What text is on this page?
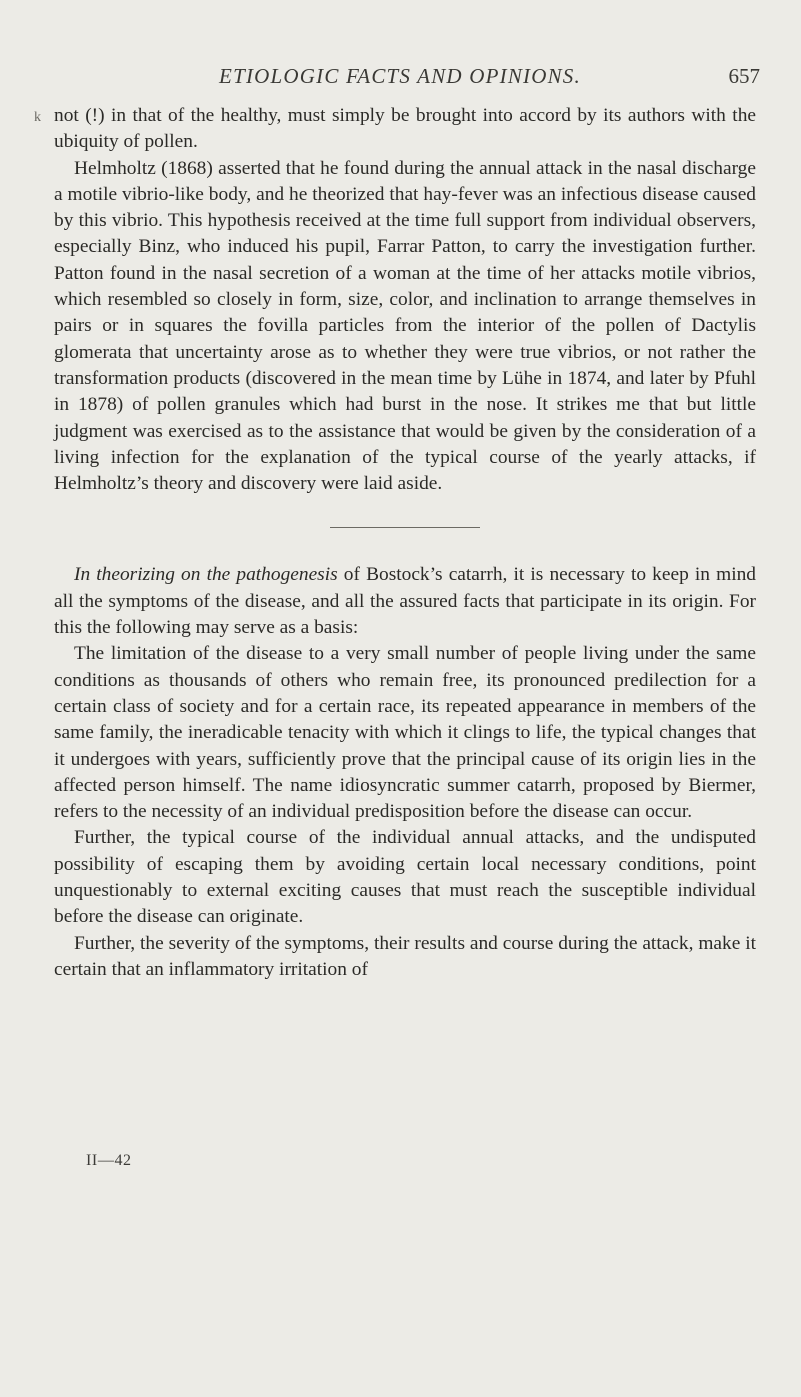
ETIOLOGIC FACTS AND OPINIONS.	657
k not (!) in that of the healthy, must simply be brought into accord by its authors with the ubiquity of pollen.

Helmholtz (1868) asserted that he found during the annual attack in the nasal discharge a motile vibrio-like body, and he theorized that hay-fever was an infectious disease caused by this vibrio. This hypothesis received at the time full support from individual observers, especially Binz, who induced his pupil, Farrar Patton, to carry the investigation further. Patton found in the nasal secretion of a woman at the time of her attacks motile vibrios, which resembled so closely in form, size, color, and inclination to arrange themselves in pairs or in squares the fovilla particles from the interior of the pollen of Dactylis glomerata that uncertainty arose as to whether they were true vibrios, or not rather the transformation products (discovered in the mean time by Lühe in 1874, and later by Pfuhl in 1878) of pollen granules which had burst in the nose. It strikes me that but little judgment was exercised as to the assistance that would be given by the consideration of a living infection for the explanation of the typical course of the yearly attacks, if Helmholtz’s theory and discovery were laid aside.

In theorizing on the pathogenesis of Bostock’s catarrh, it is necessary to keep in mind all the symptoms of the disease, and all the assured facts that participate in its origin. For this the following may serve as a basis:

The limitation of the disease to a very small number of people living under the same conditions as thousands of others who remain free, its pronounced predilection for a certain class of society and for a certain race, its repeated appearance in members of the same family, the ineradicable tenacity with which it clings to life, the typical changes that it undergoes with years, sufficiently prove that the principal cause of its origin lies in the affected person himself. The name idiosyncratic summer catarrh, proposed by Biermer, refers to the necessity of an individual predisposition before the disease can occur.

Further, the typical course of the individual annual attacks, and the undisputed possibility of escaping them by avoiding certain local necessary conditions, point unquestionably to external exciting causes that must reach the susceptible individual before the disease can originate.

Further, the severity of the symptoms, their results and course during the attack, make it certain that an inflammatory irritation of

II—42
